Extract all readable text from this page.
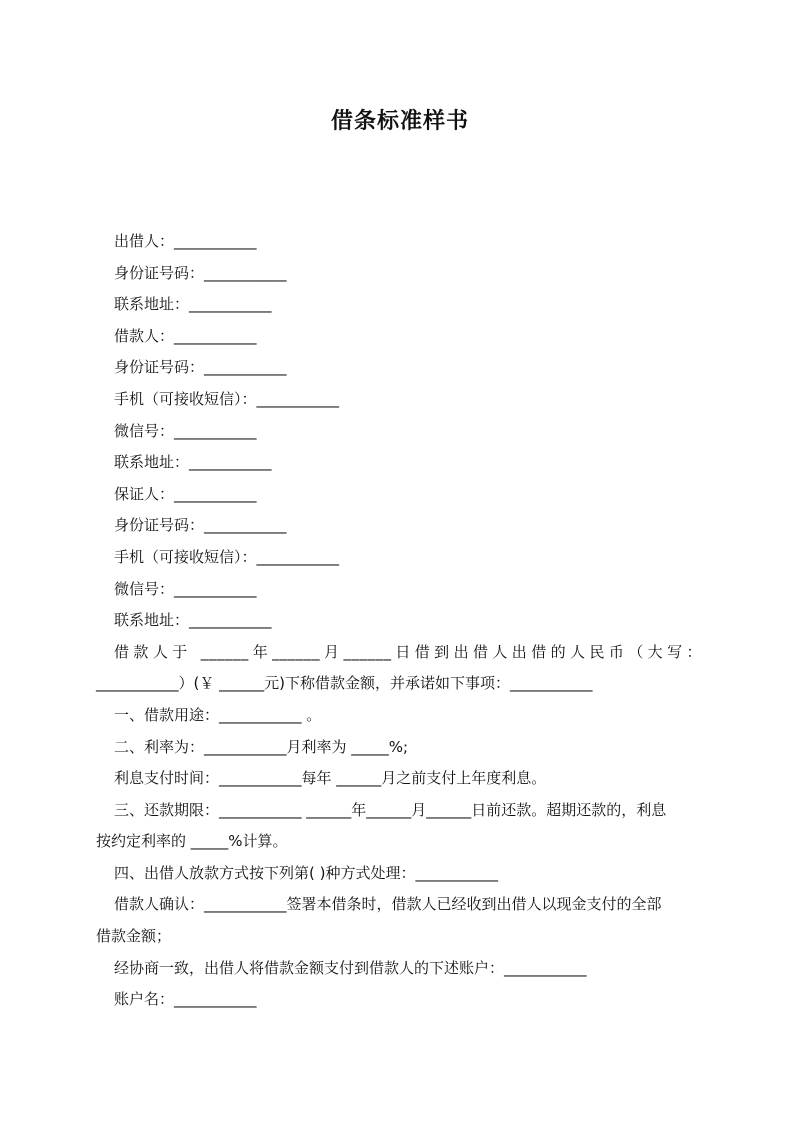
借条标准样书
出借人：___________
身份证号码：___________
联系地址：___________
借款人：___________
身份证号码：___________
手机（可接收短信）：___________
微信号：___________
联系地址：___________
保证人：___________
身份证号码：___________
手机（可接收短信）：___________
微信号：___________
联系地址：___________
借款人于 ______年______月______日借到出借人出借的人民币（大写：
___________）(￥ ______元)下称借款金额，并承诺如下事项：___________
一、借款用途：___________ 。
二、利率为：___________月利率为 _____%;
利息支付时间：___________每年 ______月之前支付上年度利息。
三、还款期限：___________ ______年______月______日前还款。超期还款的，利息
按约定利率的 _____%计算。
四、出借人放款方式按下列第( )种方式处理：___________
借款人确认：___________签署本借条时，借款人已经收到出借人以现金支付的全部
借款金额；
经协商一致，出借人将借款金额支付到借款人的下述账户：___________
账户名：___________
